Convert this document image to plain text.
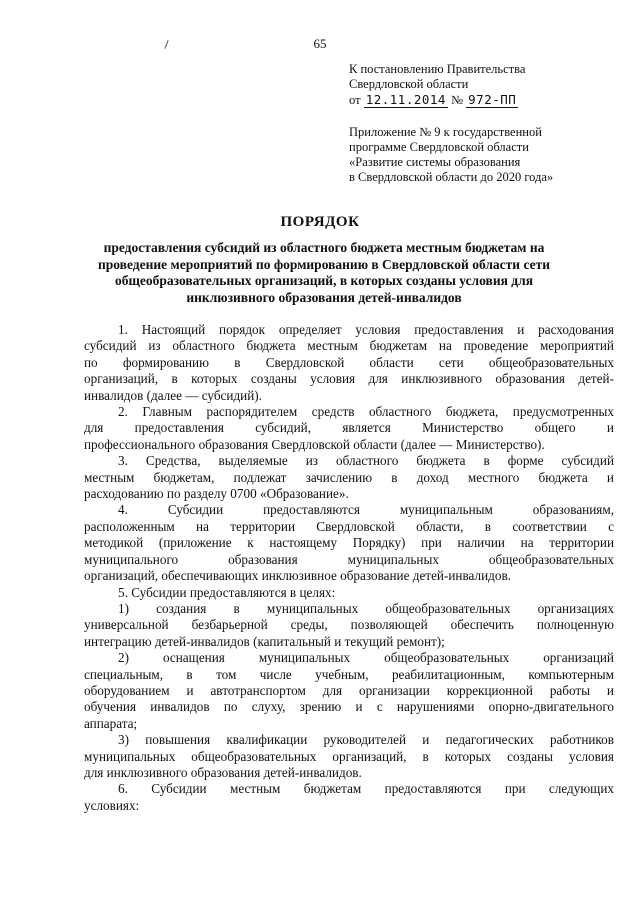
65
К постановлению Правительства
Свердловской области
от 12.11.2014 № 972-ПП
Приложение № 9 к государственной
программе Свердловской области
«Развитие системы образования
в Свердловской области до 2020 года»
ПОРЯДОК
предоставления субсидий из областного бюджета местным бюджетам на
проведение мероприятий по формированию в Свердловской области сети
общеобразовательных организаций, в которых созданы условия для
инклюзивного образования детей-инвалидов

1. Настоящий порядок определяет условия предоставления и расходования
субсидий из областного бюджета местным бюджетам на проведение мероприятий
по формированию в Свердловской области сети общеобразовательных
организаций, в которых созданы условия для инклюзивного образования детей-
инвалидов (далее — субсидий).

2. Главным распорядителем средств областного бюджета, предусмотренных
для предоставления субсидий, является Министерство общего и
профессионального образования Свердловской области (далее — Министерство).

3. Средства, выделяемые из областного бюджета в форме субсидий
местным бюджетам, подлежат зачислению в доход местного бюджета и
расходованию по разделу 0700 «Образование».

4. Субсидии предоставляются муниципальным образованиям,
расположенным на территории Свердловской области, в соответствии с
методикой (приложение к настоящему Порядку) при наличии на территории
муниципального образования муниципальных общеобразовательных
организаций, обеспечивающих инклюзивное образование детей-инвалидов.

5. Субсидии предоставляются в целях:

1) создания в муниципальных общеобразовательных организациях
универсальной безбарьерной среды, позволяющей обеспечить полноценную
интеграцию детей-инвалидов (капитальный и текущий ремонт);

2) оснащения муниципальных общеобразовательных организаций
специальным, в том числе учебным, реабилитационным, компьютерным
оборудованием и автотранспортом для организации коррекционной работы и
обучения инвалидов по слуху, зрению и с нарушениями опорно-двигательного
аппарата;

3) повышения квалификации руководителей и педагогических работников
муниципальных общеобразовательных организаций, в которых созданы условия
для инклюзивного образования детей-инвалидов.

6. Субсидии местным бюджетам предоставляются при следующих
условиях:
